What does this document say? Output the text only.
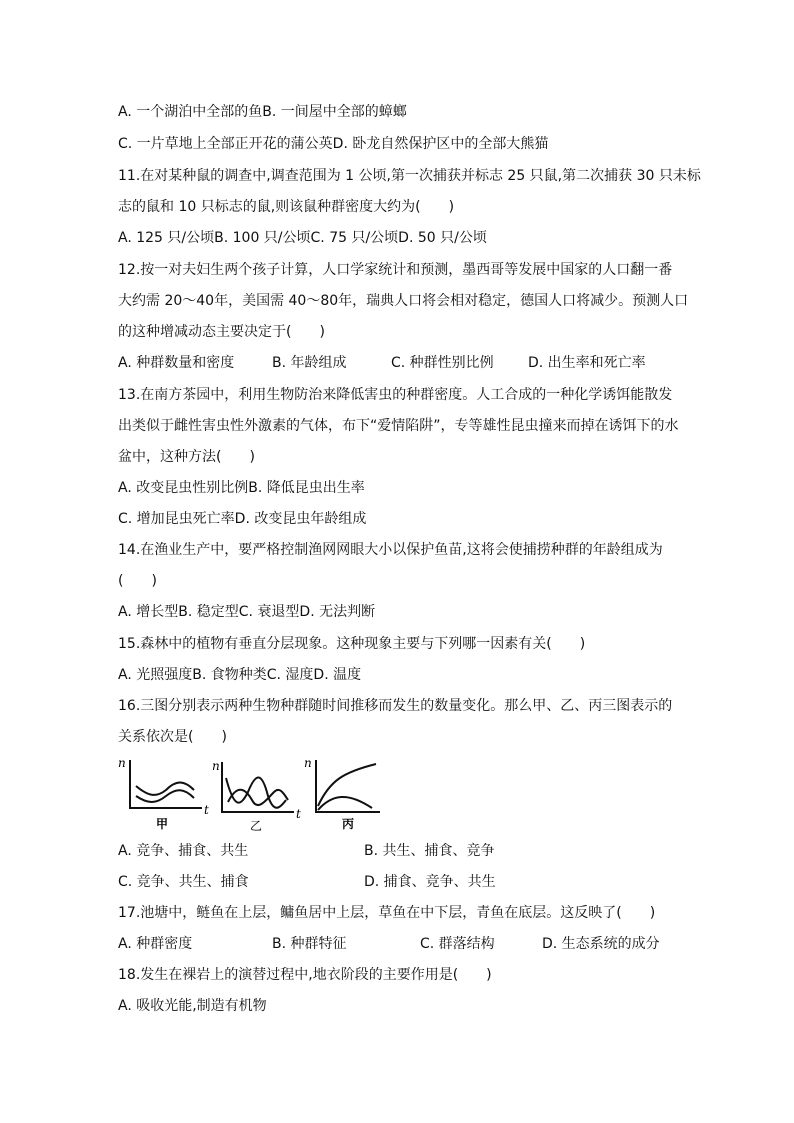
A. 一个湖泊中全部的鱼B. 一间屋中全部的蟑螂
C. 一片草地上全部正开花的蒲公英D. 卧龙自然保护区中的全部大熊猫
11.在对某种鼠的调查中,调查范围为 1 公顷,第一次捕获并标志 25 只鼠,第二次捕获 30 只未标
志的鼠和 10 只标志的鼠,则该鼠种群密度大约为(　　)
A. 125 只/公顷B. 100 只/公顷C. 75 只/公顷D. 50 只/公顷
12.按一对夫妇生两个孩子计算，人口学家统计和预测，墨西哥等发展中国家的人口翻一番
大约需 20～40年，美国需 40～80年，瑞典人口将会相对稳定，德国人口将减少。预测人口
的这种增减动态主要决定于(　　)
A. 种群数量和密度	B. 年龄组成	C. 种群性别比例 D. 出生率和死亡率
13.在南方茶园中，利用生物防治来降低害虫的种群密度。人工合成的一种化学诱饵能散发
出类似于雌性害虫性外激素的气体，布下“爱情陷阱”，专等雄性昆虫撞来而掉在诱饵下的水
盆中，这种方法(　　)
A. 改变昆虫性别比例B. 降低昆虫出生率
C. 增加昆虫死亡率D. 改变昆虫年龄组成
14.在渔业生产中，要严格控制渔网网眼大小以保护鱼苗,这将会使捕捞种群的年龄组成为
(　　)
A. 增长型B. 稳定型C. 衰退型D. 无法判断
15.森林中的植物有垂直分层现象。这种现象主要与下列哪一因素有关(　　)
A. 光照强度B. 食物种类C. 湿度D. 温度
16.三图分别表示两种生物种群随时间推移而发生的数量变化。那么甲、乙、丙三图表示的
关系依次是(　　)
n
t
甲
n
t
乙
n
丙
A. 竞争、捕食、共生	B. 共生、捕食、竞争
C. 竞争、共生、捕食	D. 捕食、竞争、共生
17.池塘中，鲢鱼在上层，鳙鱼居中上层，草鱼在中下层，青鱼在底层。这反映了(　　)
A. 种群密度	B. 种群特征	C. 群落结构	D. 生态系统的成分
18.发生在裸岩上的演替过程中,地衣阶段的主要作用是(　　)
A. 吸收光能,制造有机物
